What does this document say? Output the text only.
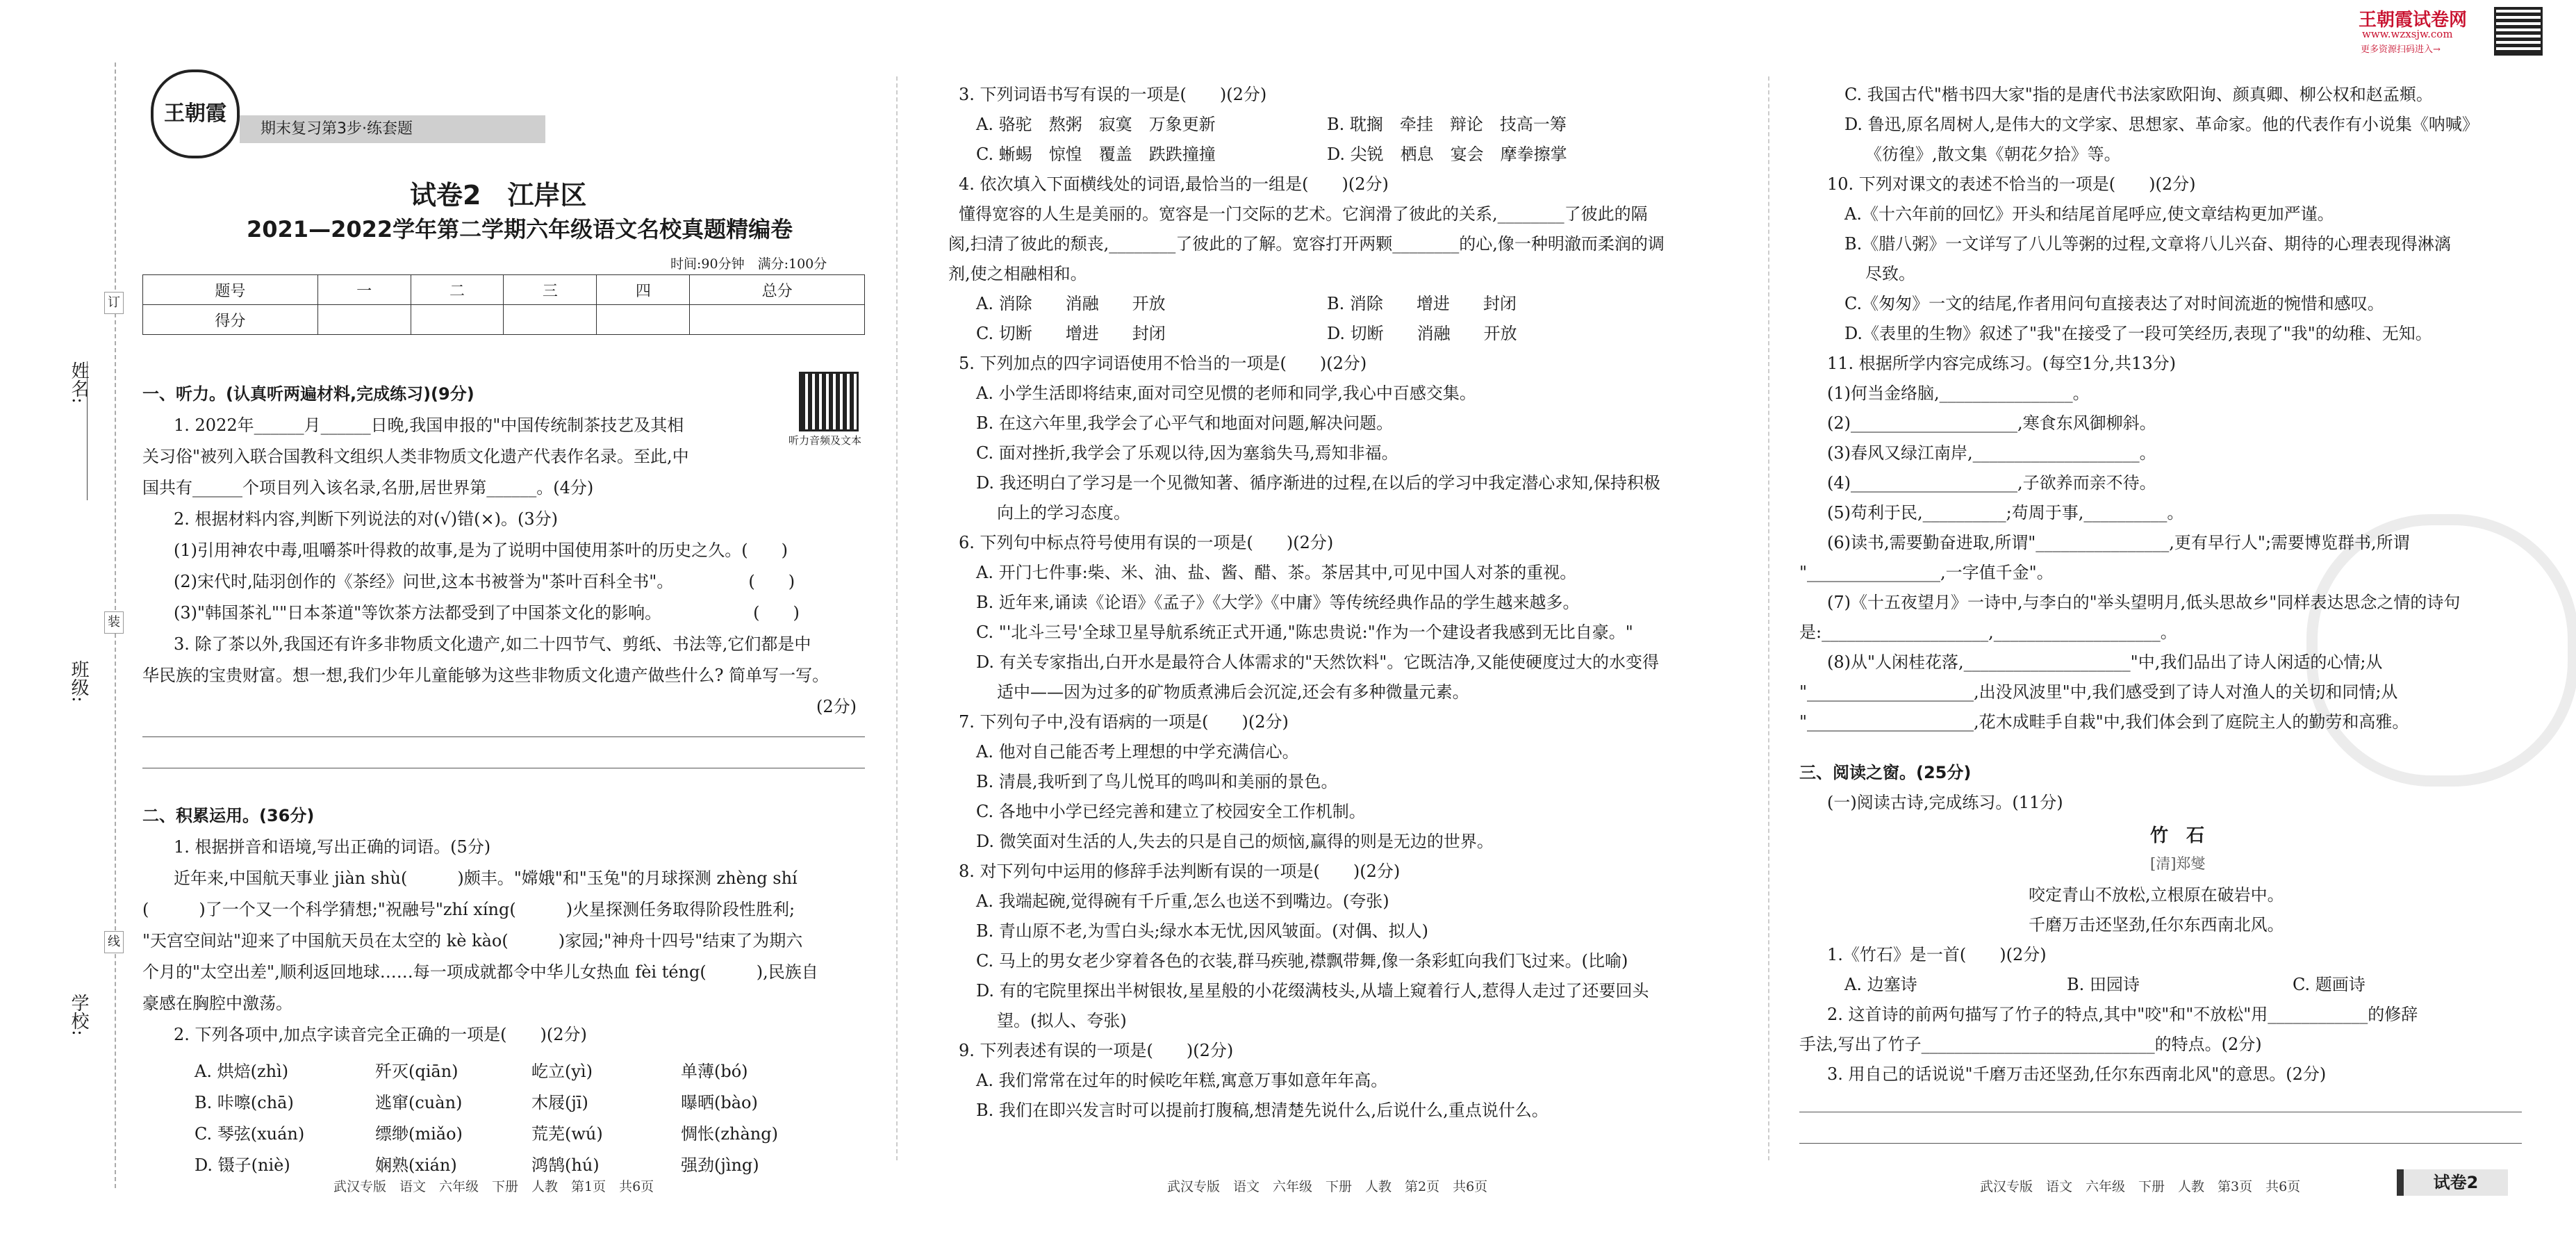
姓名:
班级:
学校:
订
装
线
王朝霞
期末复习第3步·练套题
试卷2　江岸区
2021—2022学年第二学期六年级语文名校真题精编卷
时间:90分钟　满分:100分
题号	一	二	三	四	总分
得分					
听力音频及文本
一、听力。(认真听两遍材料,完成练习)(9分)
1. 2022年______月______日晚,我国申报的"中国传统制茶技艺及其相
关习俗"被列入联合国教科文组织人类非物质文化遗产代表作名录。至此,中
国共有______个项目列入该名录,名册,居世界第______。(4分)
2. 根据材料内容,判断下列说法的对(√)错(×)。(3分)
(1)引用神农中毒,咀嚼茶叶得救的故事,是为了说明中国使用茶叶的历史之久。(　　)
(2)宋代时,陆羽创作的《茶经》问世,这本书被誉为"茶叶百科全书"。　　　　　(　　)
(3)"韩国茶礼""日本茶道"等饮茶方法都受到了中国茶文化的影响。　　　　　　(　　)
3. 除了茶以外,我国还有许多非物质文化遗产,如二十四节气、剪纸、书法等,它们都是中
华民族的宝贵财富。想一想,我们少年儿童能够为这些非物质文化遗产做些什么? 简单写一写。
(2分)
二、积累运用。(36分)
1. 根据拼音和语境,写出正确的词语。(5分)
近年来,中国航天事业 jiàn shù(　　　)颇丰。"嫦娥"和"玉兔"的月球探测 zhèng shí
(　　　)了一个又一个科学猜想;"祝融号"zhí xíng(　　　)火星探测任务取得阶段性胜利;
"天宫空间站"迎来了中国航天员在太空的 kè kào(　　　)家园;"神舟十四号"结束了为期六
个月的"太空出差",顺利返回地球……每一项成就都令中华儿女热血 fèi téng(　　　),民族自
豪感在胸腔中激荡。
2. 下列各项中,加点字读音完全正确的一项是(　　)(2分)
A. 烘焙(zhì)	歼灭(qiān)	屹立(yì)	单薄(bó)
B. 咔嚓(chā)	逃窜(cuàn)	木屐(jī)	曝晒(bào)
C. 琴弦(xuán)	缥缈(miǎo)	荒芜(wú)	惆怅(zhàng)
D. 镊子(niè)	娴熟(xián)	鸿鹄(hú)	强劲(jìng)
武汉专版　语文　六年级　下册　人教　第1页　共6页
3. 下列词语书写有误的一项是(　　)(2分)
A. 骆驼　熬粥　寂寞　万象更新	B. 耽搁　牵挂　辩论　技高一筹
C. 蜥蜴　惊惶　覆盖　跌跌撞撞	D. 尖锐　栖息　宴会　摩拳擦掌
4. 依次填入下面横线处的词语,最恰当的一组是(　　)(2分)
懂得宽容的人生是美丽的。宽容是一门交际的艺术。它润滑了彼此的关系,________了彼此的隔
阂,扫清了彼此的颓丧,________了彼此的了解。宽容打开两颗________的心,像一种明澈而柔润的调
剂,使之相融相和。
A. 消除　　消融　　开放	B. 消除　　增进　　封闭
C. 切断　　增进　　封闭	D. 切断　　消融　　开放
5. 下列加点的四字词语使用不恰当的一项是(　　)(2分)
A. 小学生活即将结束,面对司空见惯的老师和同学,我心中百感交集。
B. 在这六年里,我学会了心平气和地面对问题,解决问题。
C. 面对挫折,我学会了乐观以待,因为塞翁失马,焉知非福。
D. 我还明白了学习是一个见微知著、循序渐进的过程,在以后的学习中我定潜心求知,保持积极
向上的学习态度。
6. 下列句中标点符号使用有误的一项是(　　)(2分)
A. 开门七件事:柴、米、油、盐、酱、醋、茶。茶居其中,可见中国人对茶的重视。
B. 近年来,诵读《论语》《孟子》《大学》《中庸》等传统经典作品的学生越来越多。
C. "'北斗三号'全球卫星导航系统正式开通,"陈忠贵说:"作为一个建设者我感到无比自豪。"
D. 有关专家指出,白开水是最符合人体需求的"天然饮料"。它既洁净,又能使硬度过大的水变得
适中——因为过多的矿物质煮沸后会沉淀,还会有多种微量元素。
7. 下列句子中,没有语病的一项是(　　)(2分)
A. 他对自己能否考上理想的中学充满信心。
B. 清晨,我听到了鸟儿悦耳的鸣叫和美丽的景色。
C. 各地中小学已经完善和建立了校园安全工作机制。
D. 微笑面对生活的人,失去的只是自己的烦恼,赢得的则是无边的世界。
8. 对下列句中运用的修辞手法判断有误的一项是(　　)(2分)
A. 我端起碗,觉得碗有千斤重,怎么也送不到嘴边。(夸张)
B. 青山原不老,为雪白头;绿水本无忧,因风皱面。(对偶、拟人)
C. 马上的男女老少穿着各色的衣装,群马疾驰,襟飘带舞,像一条彩虹向我们飞过来。(比喻)
D. 有的宅院里探出半树银妆,星星般的小花缀满枝头,从墙上窥着行人,惹得人走过了还要回头
望。(拟人、夸张)
9. 下列表述有误的一项是(　　)(2分)
A. 我们常常在过年的时候吃年糕,寓意万事如意年年高。
B. 我们在即兴发言时可以提前打腹稿,想清楚先说什么,后说什么,重点说什么。
武汉专版　语文　六年级　下册　人教　第2页　共6页
王朝霞试卷网
www.wzxsjw.com
更多资源扫码进入→
C. 我国古代"楷书四大家"指的是唐代书法家欧阳询、颜真卿、柳公权和赵孟頫。
D. 鲁迅,原名周树人,是伟大的文学家、思想家、革命家。他的代表作有小说集《呐喊》
《彷徨》,散文集《朝花夕拾》等。
10. 下列对课文的表述不恰当的一项是(　　)(2分)
A.《十六年前的回忆》开头和结尾首尾呼应,使文章结构更加严谨。
B.《腊八粥》一文详写了八儿等粥的过程,文章将八儿兴奋、期待的心理表现得淋漓
尽致。
C.《匆匆》一文的结尾,作者用问句直接表达了对时间流逝的惋惜和感叹。
D.《表里的生物》叙述了"我"在接受了一段可笑经历,表现了"我"的幼稚、无知。
11. 根据所学内容完成练习。(每空1分,共13分)
(1)何当金络脑,________________。
(2)____________________,寒食东风御柳斜。
(3)春风又绿江南岸,____________________。
(4)____________________,子欲养而亲不待。
(5)苟利于民,__________;苟周于事,__________。
(6)读书,需要勤奋进取,所谓"________________,更有早行人";需要博览群书,所谓
"________________,一字值千金"。
(7)《十五夜望月》一诗中,与李白的"举头望明月,低头思故乡"同样表达思念之情的诗句
是:____________________,____________________。
(8)从"人闲桂花落,____________________"中,我们品出了诗人闲适的心情;从
"____________________,出没风波里"中,我们感受到了诗人对渔人的关切和同情;从
"____________________,花木成畦手自栽"中,我们体会到了庭院主人的勤劳和高雅。
三、阅读之窗。(25分)
(一)阅读古诗,完成练习。(11分)
竹　石
[清]郑燮
咬定青山不放松,立根原在破岩中。
千磨万击还坚劲,任尔东西南北风。
1.《竹石》是一首(　　)(2分)
A. 边塞诗	B. 田园诗	C. 题画诗
2. 这首诗的前两句描写了竹子的特点,其中"咬"和"不放松"用____________的修辞
手法,写出了竹子____________________________的特点。(2分)
3. 用自己的话说说"千磨万击还坚劲,任尔东西南北风"的意思。(2分)
武汉专版　语文　六年级　下册　人教　第3页　共6页	试卷2
